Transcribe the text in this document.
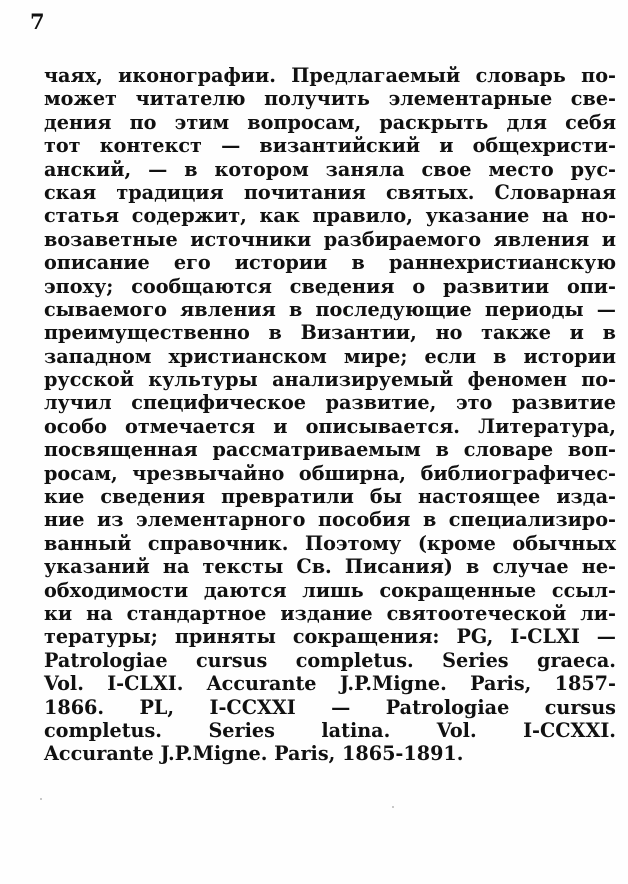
7
чаях, иконографии. Предлагаемый словарь по-
может читателю получить элементарные све-
дения по этим вопросам, раскрыть для себя
тот контекст — византийский и общехристи-
анский, — в котором заняла свое место рус-
ская традиция почитания святых. Словарная
статья содержит, как правило, указание на но-
возаветные источники разбираемого явления и
описание его истории в раннехристианскую
эпоху; сообщаются сведения о развитии опи-
сываемого явления в последующие периоды —
преимущественно в Византии, но также и в
западном христианском мире; если в истории
русской культуры анализируемый феномен по-
лучил специфическое развитие, это развитие
особо отмечается и описывается. Литература,
посвященная рассматриваемым в словаре воп-
росам, чрезвычайно обширна, библиографичес-
кие сведения превратили бы настоящее изда-
ние из элементарного пособия в специализиро-
ванный справочник. Поэтому (кроме обычных
указаний на тексты Св. Писания) в случае не-
обходимости даются лишь сокращенные ссыл-
ки на стандартное издание святоотеческой ли-
тературы; приняты сокращения: PG, I-CLXI —
Patrologiae cursus completus. Series graeca.
Vol. I-CLXI. Accurante J.P.Migne. Paris, 1857-
1866. PL, I-CCXXI — Patrologiae cursus
completus. Series latina. Vol. I-CCXXI.
Accurante J.P.Migne. Paris, 1865-1891.
